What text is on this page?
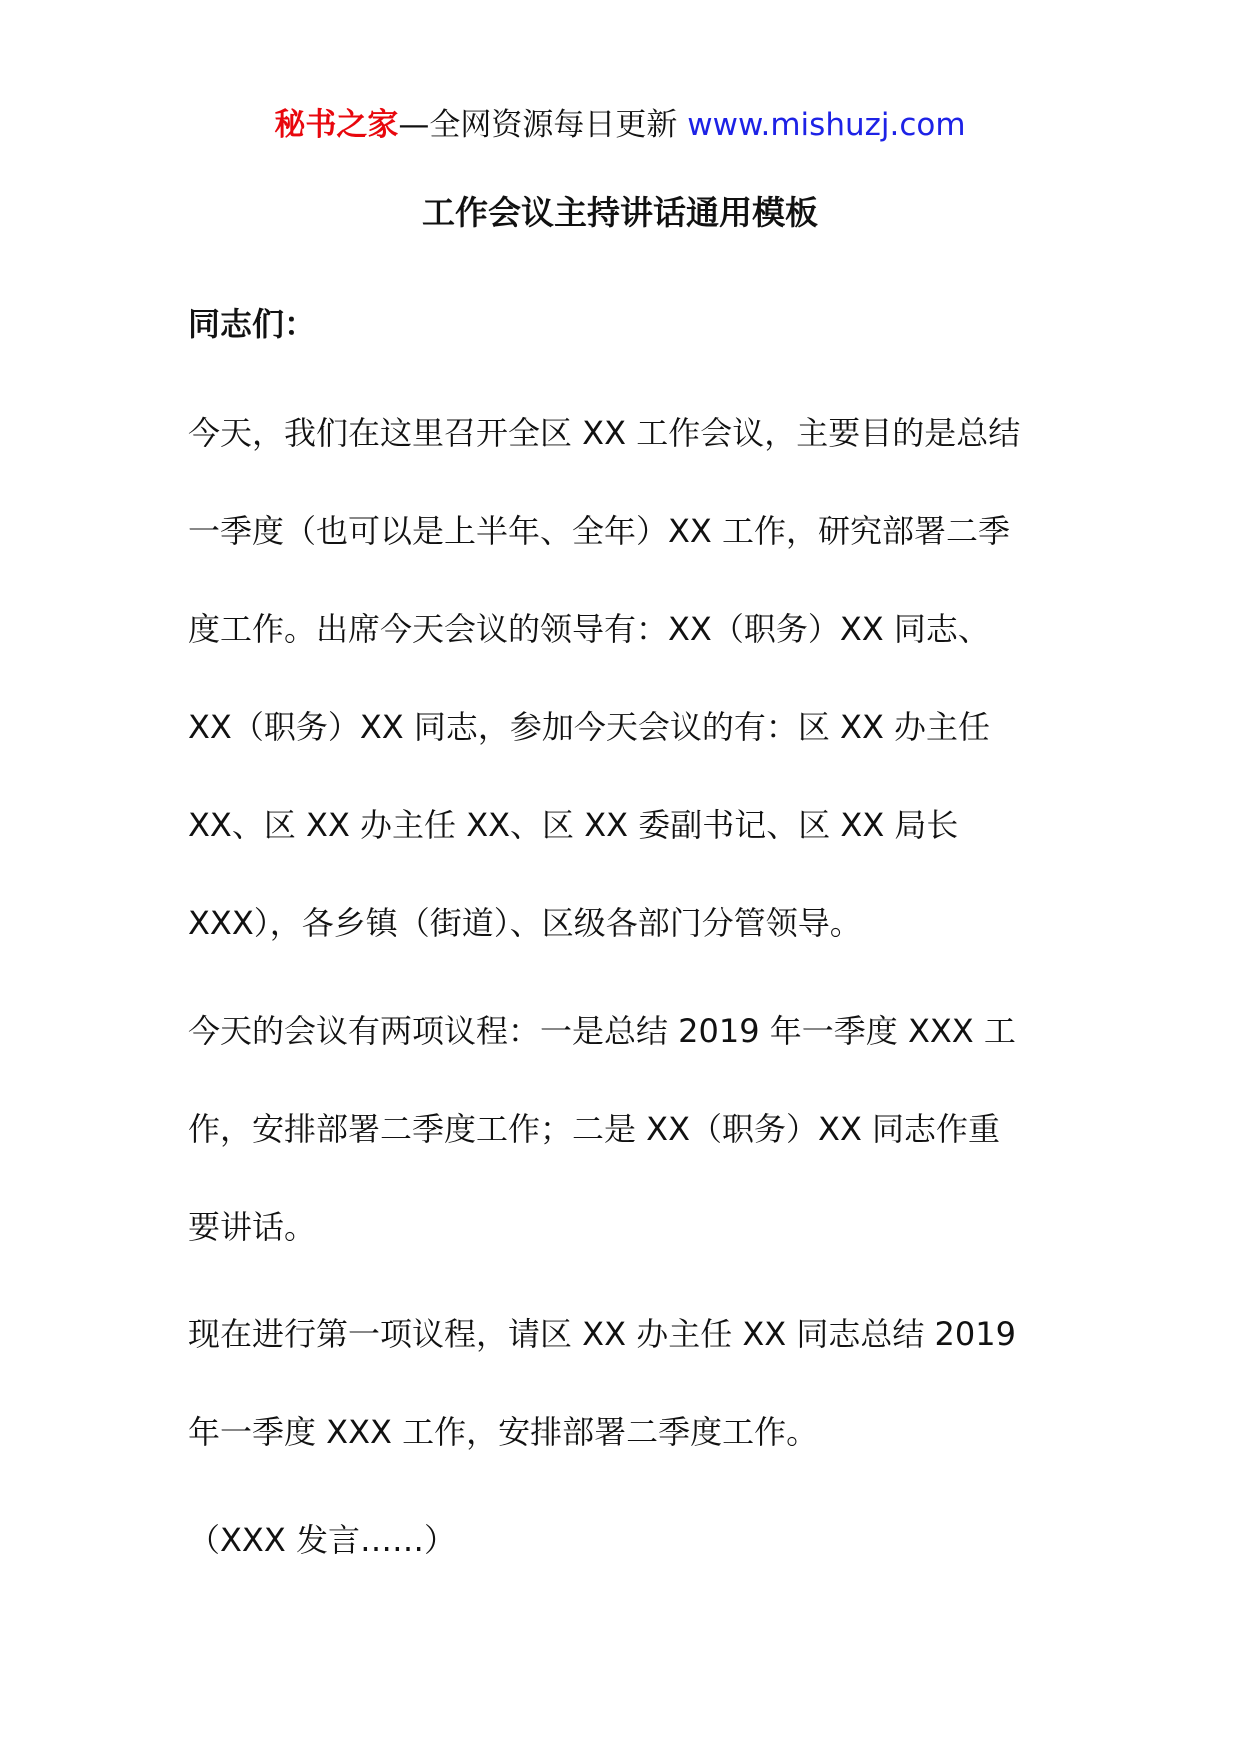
秘书之家—全网资源每日更新 www.mishuzj.com
工作会议主持讲话通用模板
同志们：
今天，我们在这里召开全区 XX 工作会议，主要目的是总结
一季度（也可以是上半年、全年）XX 工作，研究部署二季
度工作。出席今天会议的领导有：XX（职务）XX 同志、
XX（职务）XX 同志，参加今天会议的有：区 XX 办主任
XX、区 XX 办主任 XX、区 XX 委副书记、区 XX 局长
XXX），各乡镇（街道）、区级各部门分管领导。
今天的会议有两项议程：一是总结 2019 年一季度 XXX 工
作，安排部署二季度工作；二是 XX（职务）XX 同志作重
要讲话。
现在进行第一项议程，请区 XX 办主任 XX 同志总结 2019
年一季度 XXX 工作，安排部署二季度工作。
（XXX 发言……）
